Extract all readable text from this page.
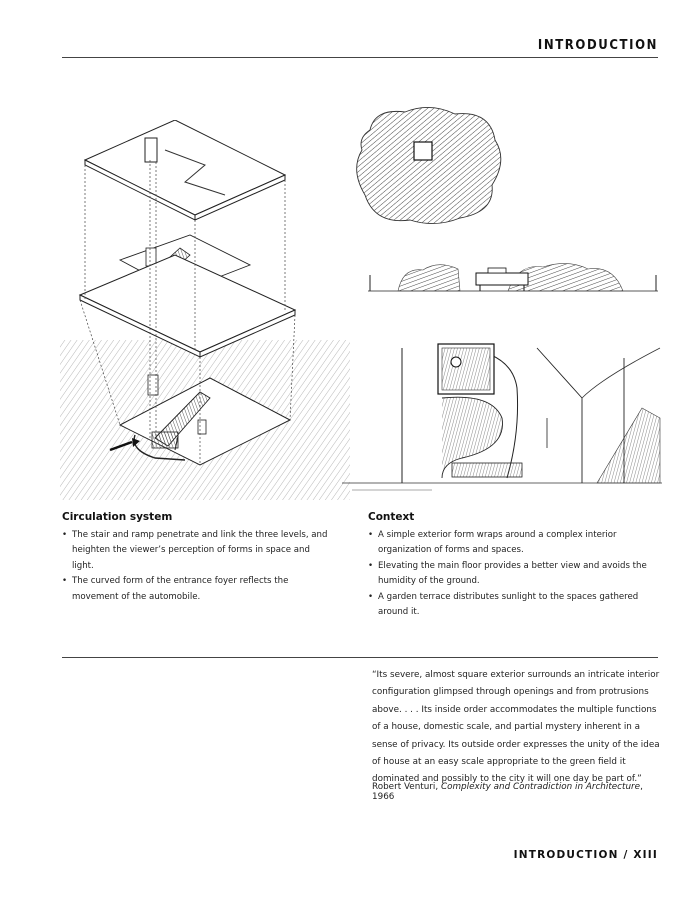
INTRODUCTION
Circulation system
• The stair and ramp penetrate and link the three levels, and heighten the viewer’s perception of forms in space and light.
• The curved form of the entrance foyer reflects the movement of the automobile.
Context
• A simple exterior form wraps around a complex interior organization of forms and spaces.
• Elevating the main floor provides a better view and avoids the humidity of the ground.
• A garden terrace distributes sunlight to the spaces gathered around it.
“Its severe, almost square exterior surrounds an intricate interior configuration glimpsed through openings and from protrusions above. . . . Its inside order accommodates the multiple functions of a house, domestic scale, and partial mystery inherent in a sense of privacy. Its outside order expresses the unity of the idea of house at an easy scale appropriate to the green field it dominated and possibly to the city it will one day be part of.”
Robert Venturi, Complexity and Contradiction in Architecture, 1966
INTRODUCTION / XIII
